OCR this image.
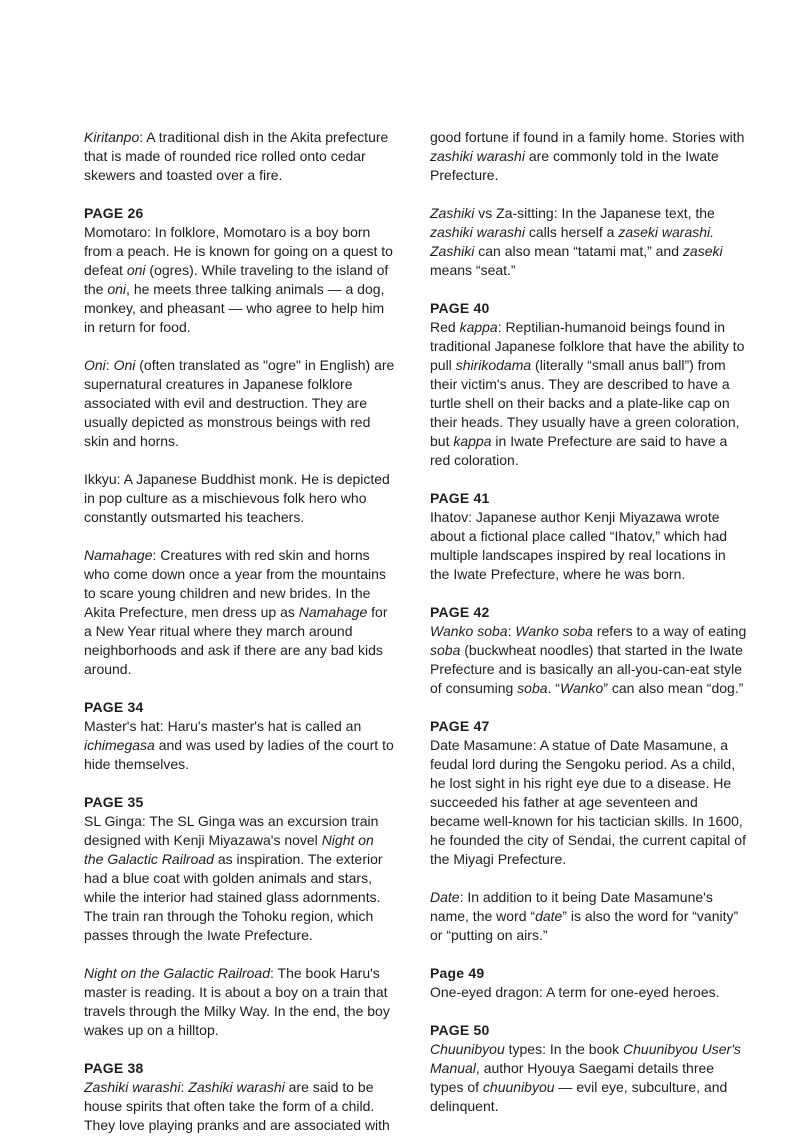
Kiritanpo: A traditional dish in the Akita prefecture that is made of rounded rice rolled onto cedar skewers and toasted over a fire.

PAGE 26

Momotaro: In folklore, Momotaro is a boy born from a peach. He is known for going on a quest to defeat oni (ogres). While traveling to the island of the oni, he meets three talking animals — a dog, monkey, and pheasant — who agree to help him in return for food.

Oni: Oni (often translated as "ogre" in English) are supernatural creatures in Japanese folklore associated with evil and destruction. They are usually depicted as monstrous beings with red skin and horns.

Ikkyu: A Japanese Buddhist monk. He is depicted in pop culture as a mischievous folk hero who constantly outsmarted his teachers.

Namahage: Creatures with red skin and horns who come down once a year from the mountains to scare young children and new brides. In the Akita Prefecture, men dress up as Namahage for a New Year ritual where they march around neighborhoods and ask if there are any bad kids around.

PAGE 34

Master's hat: Haru's master's hat is called an ichimegasa and was used by ladies of the court to hide themselves.

PAGE 35

SL Ginga: The SL Ginga was an excursion train designed with Kenji Miyazawa's novel Night on the Galactic Railroad as inspiration. The exterior had a blue coat with golden animals and stars, while the interior had stained glass adornments. The train ran through the Tohoku region, which passes through the Iwate Prefecture.

Night on the Galactic Railroad: The book Haru's master is reading. It is about a boy on a train that travels through the Milky Way. In the end, the boy wakes up on a hilltop.

PAGE 38

Zashiki warashi: Zashiki warashi are said to be house spirits that often take the form of a child. They love playing pranks and are associated with

good fortune if found in a family home. Stories with zashiki warashi are commonly told in the Iwate Prefecture.

Zashiki vs Za-sitting: In the Japanese text, the zashiki warashi calls herself a zaseki warashi. Zashiki can also mean “tatami mat,” and zaseki means “seat.”

PAGE 40

Red kappa: Reptilian-humanoid beings found in traditional Japanese folklore that have the ability to pull shirikodama (literally “small anus ball”) from their victim's anus. They are described to have a turtle shell on their backs and a plate-like cap on their heads. They usually have a green coloration, but kappa in Iwate Prefecture are said to have a red coloration.

PAGE 41

Ihatov: Japanese author Kenji Miyazawa wrote about a fictional place called “Ihatov,” which had multiple landscapes inspired by real locations in the Iwate Prefecture, where he was born.

PAGE 42

Wanko soba: Wanko soba refers to a way of eating soba (buckwheat noodles) that started in the Iwate Prefecture and is basically an all-you-can-eat style of consuming soba. “Wanko” can also mean “dog.”

PAGE 47

Date Masamune: A statue of Date Masamune, a feudal lord during the Sengoku period. As a child, he lost sight in his right eye due to a disease. He succeeded his father at age seventeen and became well-known for his tactician skills. In 1600, he founded the city of Sendai, the current capital of the Miyagi Prefecture.

Date: In addition to it being Date Masamune's name, the word “date” is also the word for “vanity” or “putting on airs.”

Page 49

One-eyed dragon: A term for one-eyed heroes.

PAGE 50

Chuunibyou types: In the book Chuunibyou User's Manual, author Hyouya Saegami details three types of chuunibyou — evil eye, subculture, and delinquent.
